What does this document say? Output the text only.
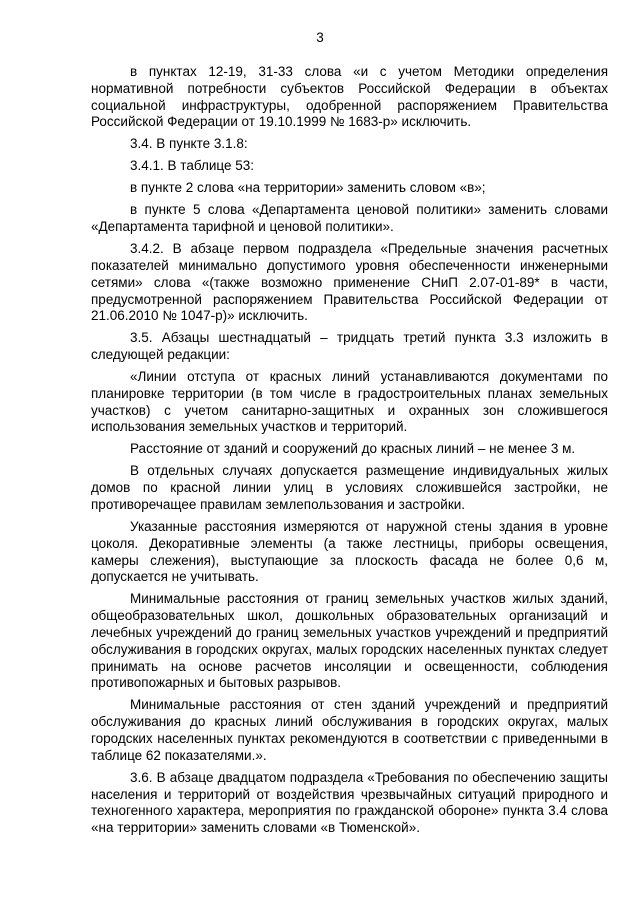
3

в пунктах 12-19, 31-33 слова «и с учетом Методики определения нормативной потребности субъектов Российской Федерации в объектах социальной инфраструктуры, одобренной распоряжением Правительства Российской Федерации от 19.10.1999 № 1683-р» исключить.

3.4. В пункте 3.1.8:

3.4.1. В таблице 53:

в пункте 2 слова «на территории» заменить словом «в»;

в пункте 5 слова «Департамента ценовой политики» заменить словами «Департамента тарифной и ценовой политики».

3.4.2. В абзаце первом подраздела «Предельные значения расчетных показателей минимально допустимого уровня обеспеченности инженерными сетями» слова «(также возможно применение СНиП 2.07-01-89* в части, предусмотренной распоряжением Правительства Российской Федерации от 21.06.2010 № 1047-р)» исключить.

3.5. Абзацы шестнадцатый – тридцать третий пункта 3.3 изложить в следующей редакции:

«Линии отступа от красных линий устанавливаются документами по планировке территории (в том числе в градостроительных планах земельных участков) с учетом санитарно-защитных и охранных зон сложившегося использования земельных участков и территорий.

Расстояние от зданий и сооружений до красных линий – не менее 3 м.

В отдельных случаях допускается размещение индивидуальных жилых домов по красной линии улиц в условиях сложившейся застройки, не противоречащее правилам землепользования и застройки.

Указанные расстояния измеряются от наружной стены здания в уровне цоколя. Декоративные элементы (а также лестницы, приборы освещения, камеры слежения), выступающие за плоскость фасада не более 0,6 м, допускается не учитывать.

Минимальные расстояния от границ земельных участков жилых зданий, общеобразовательных школ, дошкольных образовательных организаций и лечебных учреждений до границ земельных участков учреждений и предприятий обслуживания в городских округах, малых городских населенных пунктах следует принимать на основе расчетов инсоляции и освещенности, соблюдения противопожарных и бытовых разрывов.

Минимальные расстояния от стен зданий учреждений и предприятий обслуживания до красных линий обслуживания в городских округах, малых городских населенных пунктах рекомендуются в соответствии с приведенными в таблице 62 показателями.».

3.6. В абзаце двадцатом подраздела «Требования по обеспечению защиты населения и территорий от воздействия чрезвычайных ситуаций природного и техногенного характера, мероприятия по гражданской обороне» пункта 3.4 слова «на территории» заменить словами «в Тюменской».
